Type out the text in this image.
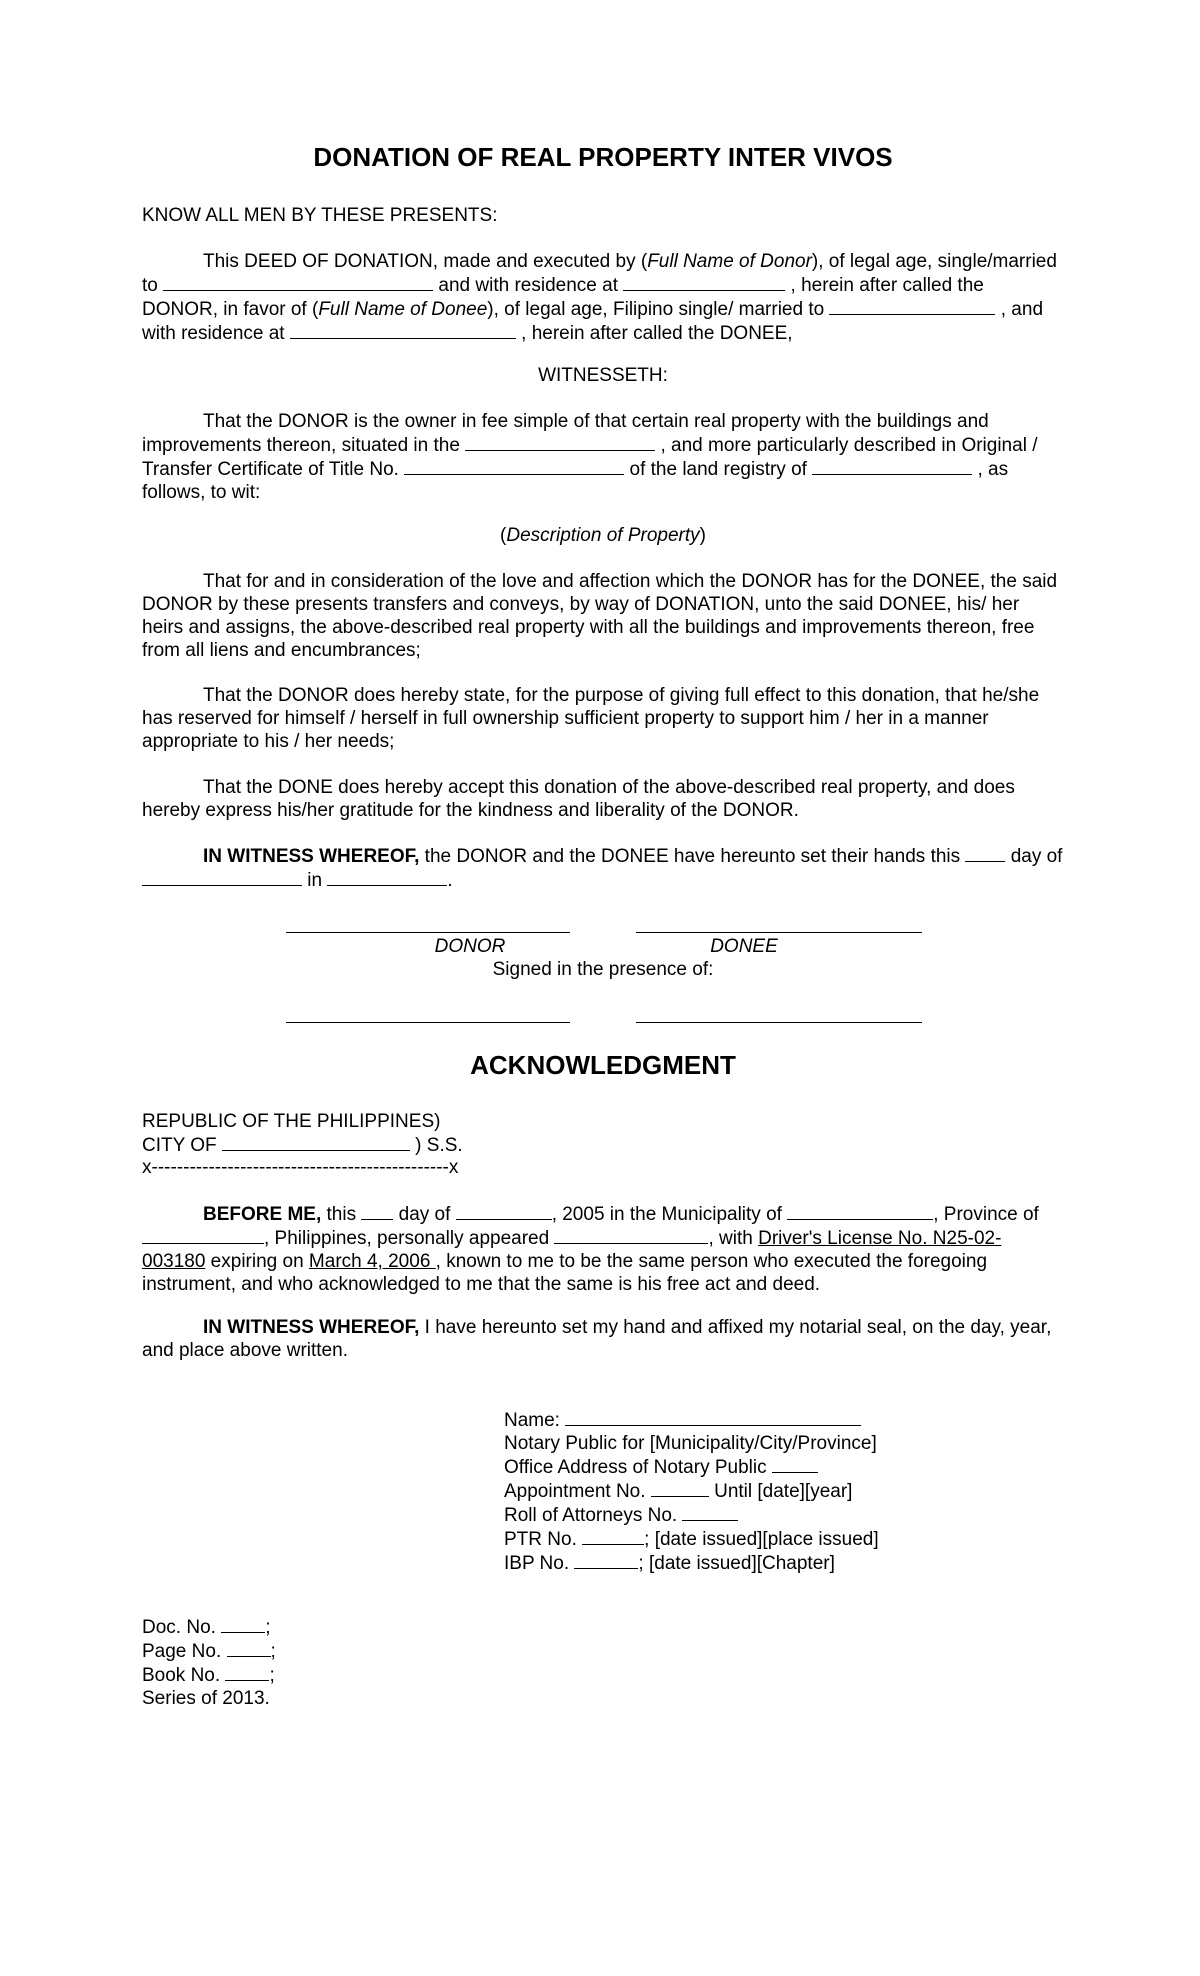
DONATION OF REAL PROPERTY INTER VIVOS
KNOW ALL MEN BY THESE PRESENTS:

This DEED OF DONATION, made and executed by (Full Name of Donor), of legal age, single/married to	and with residence at	, herein after called the DONOR, in favor of (Full Name of Donee), of legal age, Filipino single/ married to	, and with residence at	, herein after called the DONEE,

WITNESSETH:

That the DONOR is the owner in fee simple of that certain real property with the buildings and improvements thereon, situated in the	, and more particularly described in Original / Transfer Certificate of Title No.	of the land registry of	, as follows, to wit:

(Description of Property)

That for and in consideration of the love and affection which the DONOR has for the DONEE, the said DONOR by these presents transfers and conveys, by way of DONATION, unto the said DONEE, his/ her heirs and assigns, the above-described real property with all the buildings and improvements thereon, free from all liens and encumbrances;

That the DONOR does hereby state, for the purpose of giving full effect to this donation, that he/she has reserved for himself / herself in full ownership sufficient property to support him / her in a manner appropriate to his / her needs;

That the DONE does hereby accept this donation of the above-described real property, and does hereby express his/her gratitude for the kindness and liberality of the DONOR.

IN WITNESS WHEREOF, the DONOR and the DONEE have hereunto set their hands this  day of  in	.

DONOR	DONEE
Signed in the presence of:
ACKNOWLEDGMENT
REPUBLIC OF THE PHILIPPINES)
CITY OF	) S.S.
x-----------------------------------------------x

BEFORE ME, this  day of	, 2005 in the Municipality of	, Province of , Philippines, personally appeared	, with Driver's License No. N25-02-003180 expiring on March 4, 2006 , known to me to be the same person who executed the foregoing instrument, and who acknowledged to me that the same is his free act and deed.

IN WITNESS WHEREOF, I have hereunto set my hand and affixed my notarial seal, on the day, year, and place above written.

Name:
Notary Public for [Municipality/City/Province]
Office Address of Notary Public
Appointment No.	Until [date][year]
Roll of Attorneys No.
PTR No.	; [date issued][place issued]
IBP No.	; [date issued][Chapter]
Doc. No.	;
Page No.	;
Book No.	;
Series of 2013.
